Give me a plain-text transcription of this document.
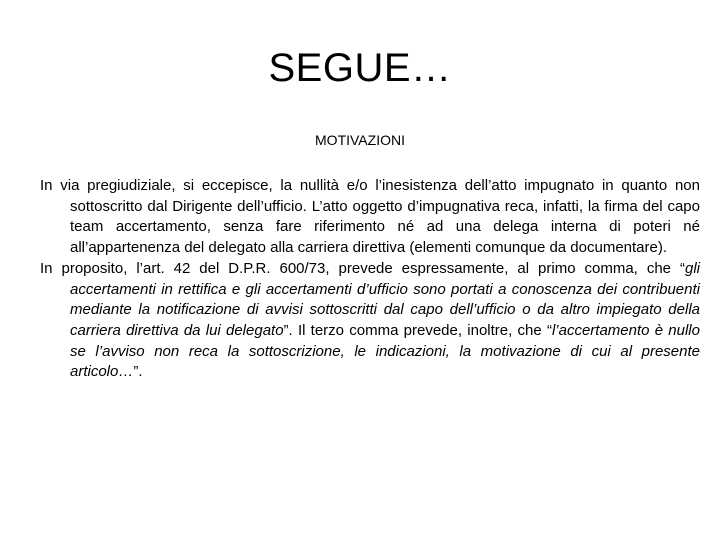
SEGUE…
MOTIVAZIONI

In via pregiudiziale, si eccepisce, la nullità e/o l’inesistenza dell’atto impugnato in quanto non sottoscritto dal Dirigente dell’ufficio. L’atto oggetto d’impugnativa reca, infatti, la firma del capo team accertamento, senza fare riferimento né ad una delega interna di poteri né all’appartenenza del delegato alla carriera direttiva (elementi comunque da documentare).

In proposito, l’art. 42 del D.P.R. 600/73, prevede espressamente, al primo comma, che “gli accertamenti in rettifica e gli accertamenti d’ufficio sono portati a conoscenza dei contribuenti mediante la notificazione di avvisi sottoscritti dal capo dell’ufficio o da altro impiegato della carriera direttiva da lui delegato”. Il terzo comma prevede, inoltre, che “l’accertamento è nullo se l’avviso non reca la sottoscrizione, le indicazioni, la motivazione di cui al presente articolo…”.
